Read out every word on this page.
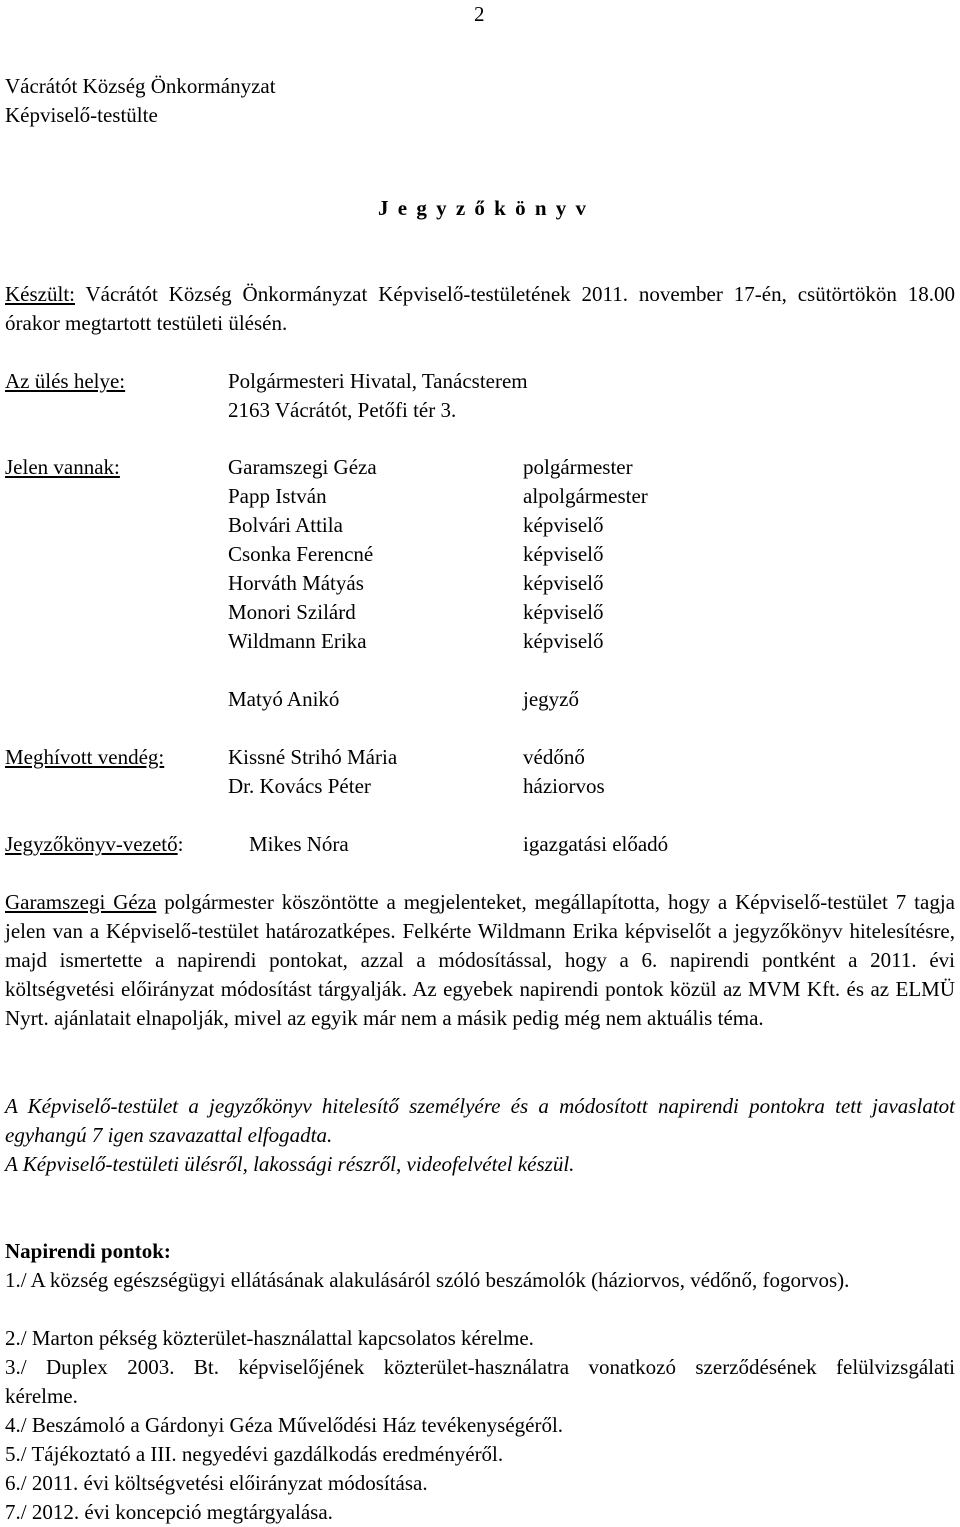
2
Vácrátót Község Önkormányzat
Képviselő-testülte
J e g y z ő k ö n y v
Készült: Vácrátót Község Önkormányzat Képviselő-testületének 2011. november 17-én, csütörtökön 18.00 órakor megtartott testületi ülésén.
Az ülés helye:	Polgármesteri Hivatal, Tanácsterem
2163 Vácrátót, Petőfi tér 3.
Jelen vannak:	Garamszegi Géza	polgármester
Papp István	alpolgármester
Bolvári Attila	képviselő
Csonka Ferencné	képviselő
Horváth Mátyás	képviselő
Monori Szilárd	képviselő
Wildmann Erika	képviselő
Matyó Anikó	jegyző
Meghívott vendég:	Kissné Strihó Mária	védőnő
Dr. Kovács Péter	háziorvos
Jegyzőkönyv-vezető:	Mikes Nóra	igazgatási előadó
Garamszegi Géza polgármester köszöntötte a megjelenteket, megállapította, hogy a Képviselő-testület 7 tagja jelen van a Képviselő-testület határozatképes. Felkérte Wildmann Erika képviselőt a jegyzőkönyv hitelesítésre, majd ismertette a napirendi pontokat, azzal a módosítással, hogy a 6. napirendi pontként a 2011. évi költségvetési előirányzat módosítást tárgyalják. Az egyebek napirendi pontok közül az MVM Kft. és az ELMÜ Nyrt. ajánlatait elnapolják, mivel az egyik már nem a másik pedig még nem aktuális téma.
A Képviselő-testület a jegyzőkönyv hitelesítő személyére és a módosított napirendi pontokra tett javaslatot egyhangú 7 igen szavazattal elfogadta.
A Képviselő-testületi ülésről, lakossági részről, videofelvétel készül.
Napirendi pontok:
1./ A község egészségügyi ellátásának alakulásáról szóló beszámolók (háziorvos, védőnő, fogorvos).
2./ Marton pékség közterület-használattal kapcsolatos kérelme.
3./ Duplex 2003. Bt. képviselőjének közterület-használatra vonatkozó szerződésének felülvizsgálati kérelme.
4./ Beszámoló a Gárdonyi Géza Művelődési Ház tevékenységéről.
5./ Tájékoztató a III. negyedévi gazdálkodás eredményéről.
6./ 2011. évi költségvetési előirányzat módosítása.
7./ 2012. évi koncepció megtárgyalása.
